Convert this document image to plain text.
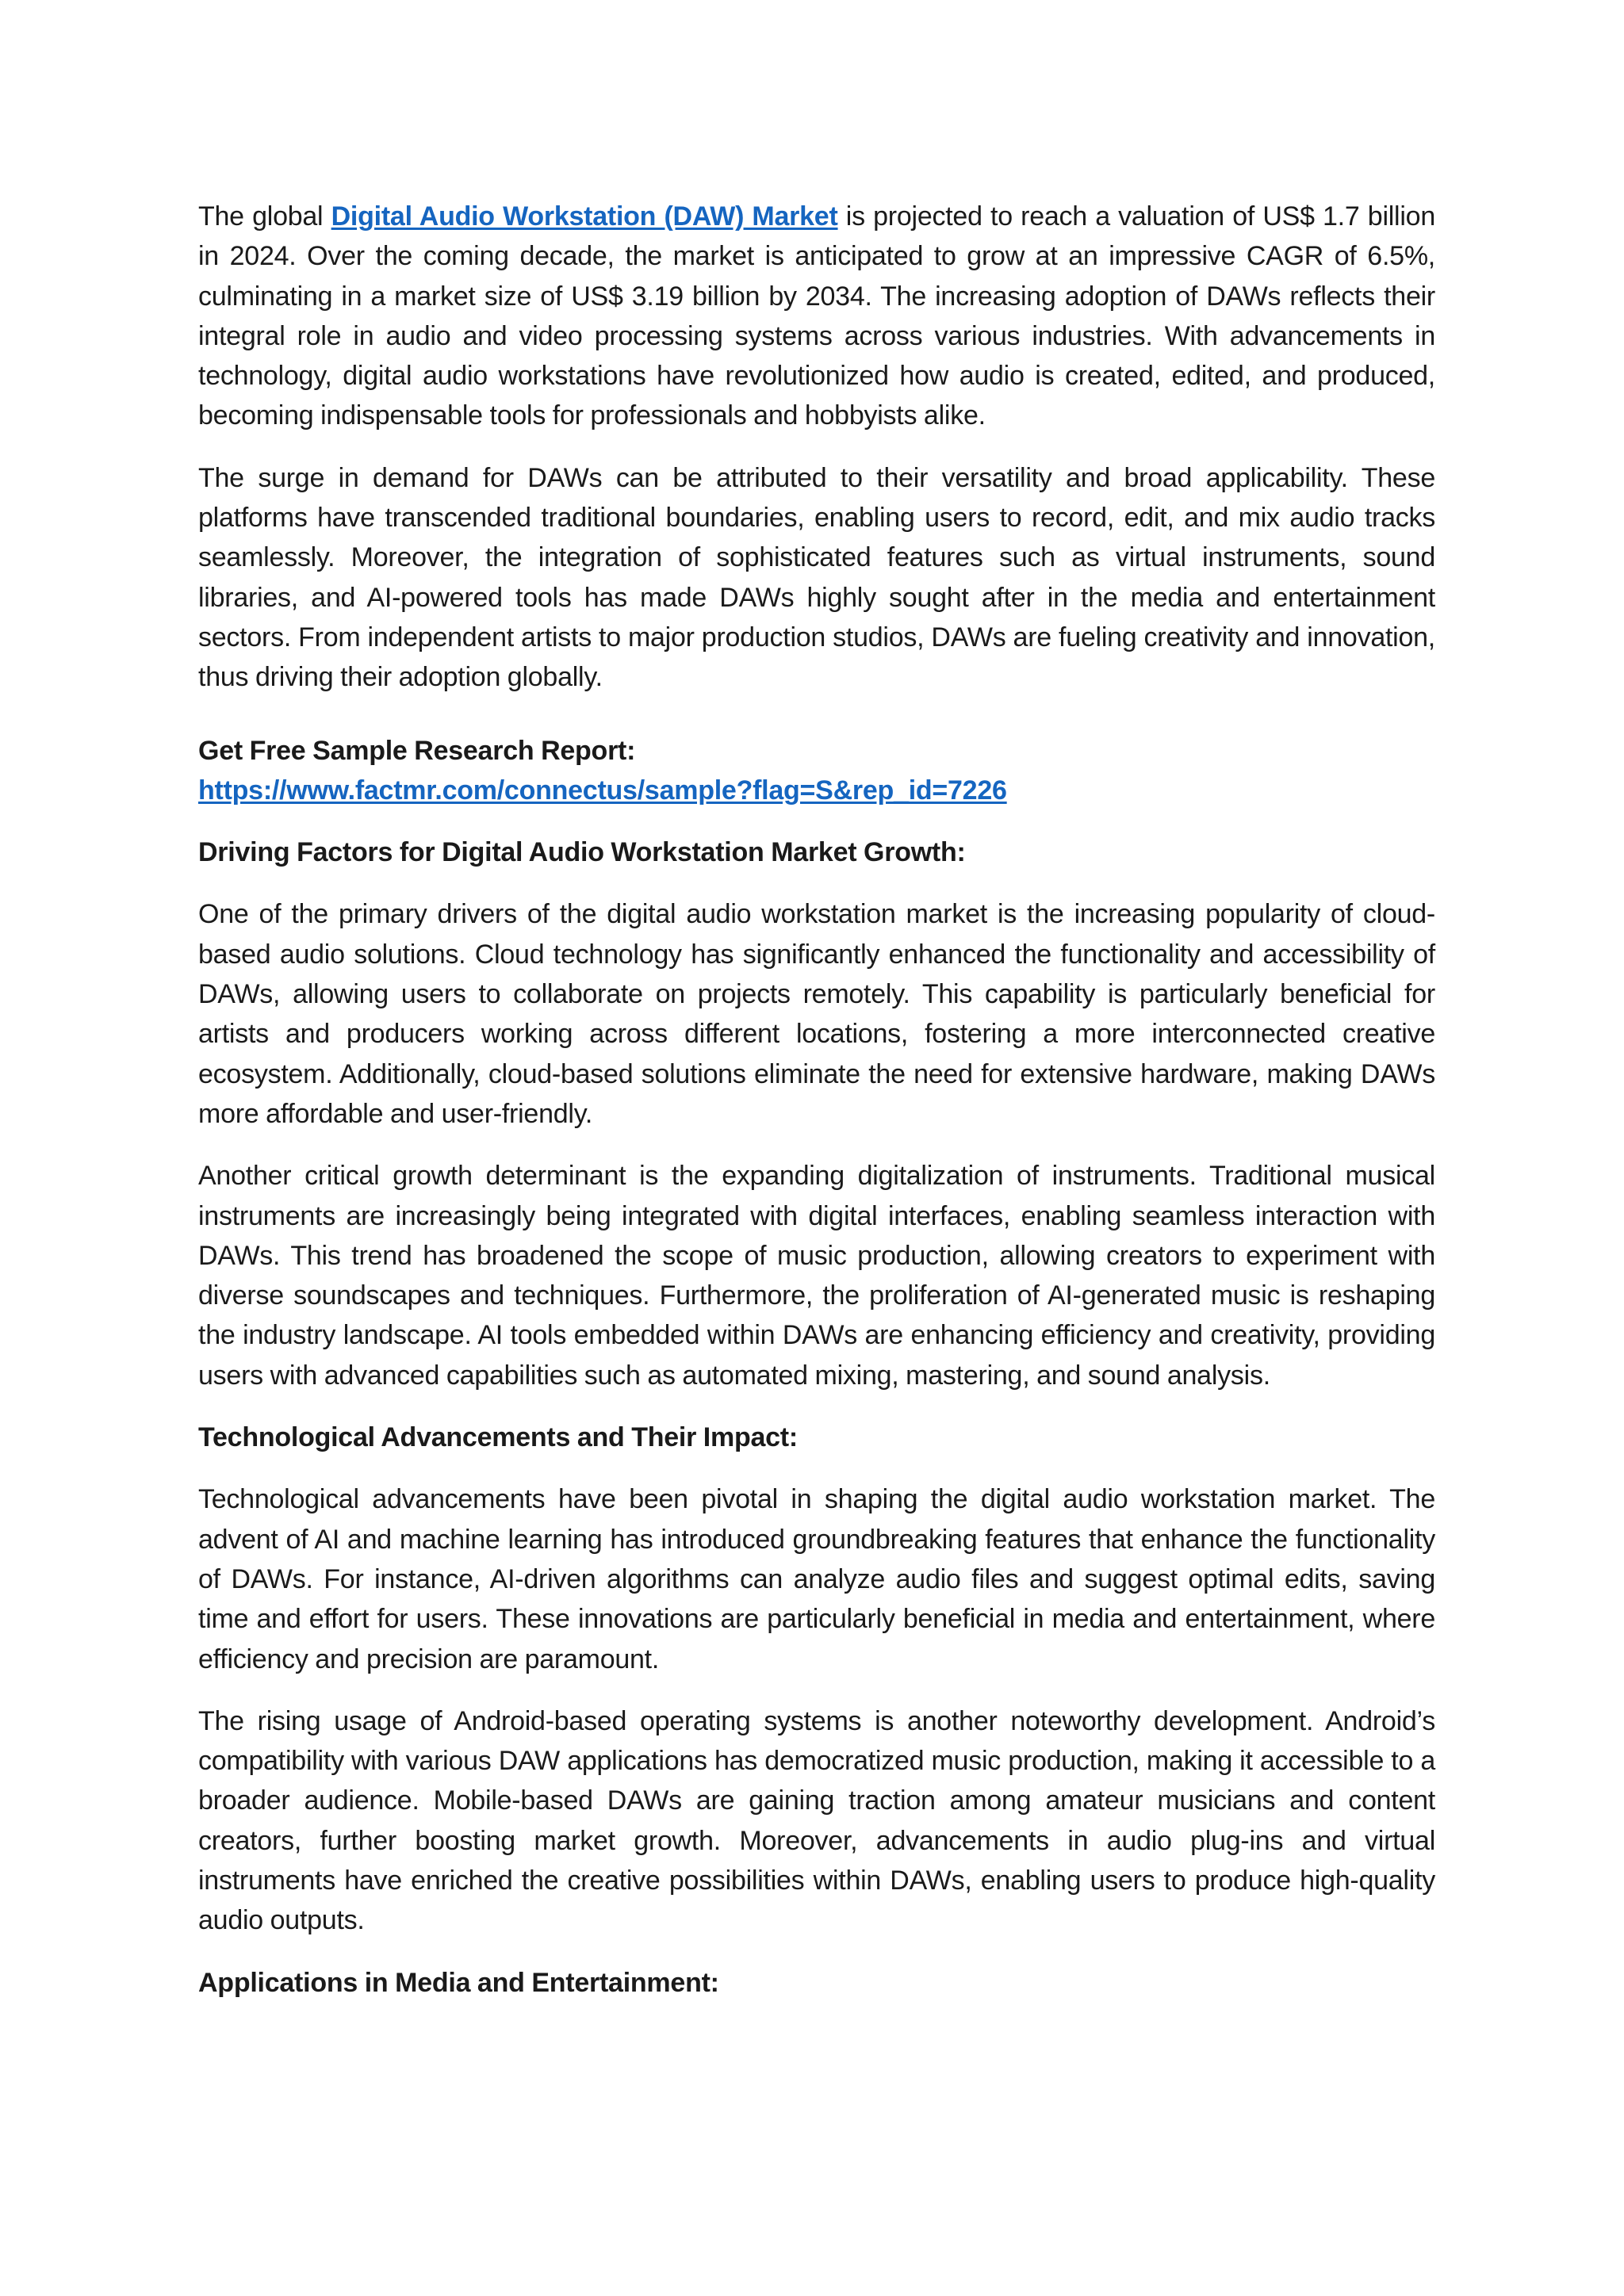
The global Digital Audio Workstation (DAW) Market is projected to reach a valuation of US$ 1.7 billion in 2024. Over the coming decade, the market is anticipated to grow at an impressive CAGR of 6.5%, culminating in a market size of US$ 3.19 billion by 2034. The increasing adoption of DAWs reflects their integral role in audio and video processing systems across various industries. With advancements in technology, digital audio workstations have revolutionized how audio is created, edited, and produced, becoming indispensable tools for professionals and hobbyists alike.

The surge in demand for DAWs can be attributed to their versatility and broad applicability. These platforms have transcended traditional boundaries, enabling users to record, edit, and mix audio tracks seamlessly. Moreover, the integration of sophisticated features such as virtual instruments, sound libraries, and AI-powered tools has made DAWs highly sought after in the media and entertainment sectors. From independent artists to major production studios, DAWs are fueling creativity and innovation, thus driving their adoption globally.

Get Free Sample Research Report:

https://www.factmr.com/connectus/sample?flag=S&rep_id=7226

Driving Factors for Digital Audio Workstation Market Growth:

One of the primary drivers of the digital audio workstation market is the increasing popularity of cloud-based audio solutions. Cloud technology has significantly enhanced the functionality and accessibility of DAWs, allowing users to collaborate on projects remotely. This capability is particularly beneficial for artists and producers working across different locations, fostering a more interconnected creative ecosystem. Additionally, cloud-based solutions eliminate the need for extensive hardware, making DAWs more affordable and user-friendly.

Another critical growth determinant is the expanding digitalization of instruments. Traditional musical instruments are increasingly being integrated with digital interfaces, enabling seamless interaction with DAWs. This trend has broadened the scope of music production, allowing creators to experiment with diverse soundscapes and techniques. Furthermore, the proliferation of AI-generated music is reshaping the industry landscape. AI tools embedded within DAWs are enhancing efficiency and creativity, providing users with advanced capabilities such as automated mixing, mastering, and sound analysis.

Technological Advancements and Their Impact:

Technological advancements have been pivotal in shaping the digital audio workstation market. The advent of AI and machine learning has introduced groundbreaking features that enhance the functionality of DAWs. For instance, AI-driven algorithms can analyze audio files and suggest optimal edits, saving time and effort for users. These innovations are particularly beneficial in media and entertainment, where efficiency and precision are paramount.

The rising usage of Android-based operating systems is another noteworthy development. Android’s compatibility with various DAW applications has democratized music production, making it accessible to a broader audience. Mobile-based DAWs are gaining traction among amateur musicians and content creators, further boosting market growth. Moreover, advancements in audio plug-ins and virtual instruments have enriched the creative possibilities within DAWs, enabling users to produce high-quality audio outputs.

Applications in Media and Entertainment:
